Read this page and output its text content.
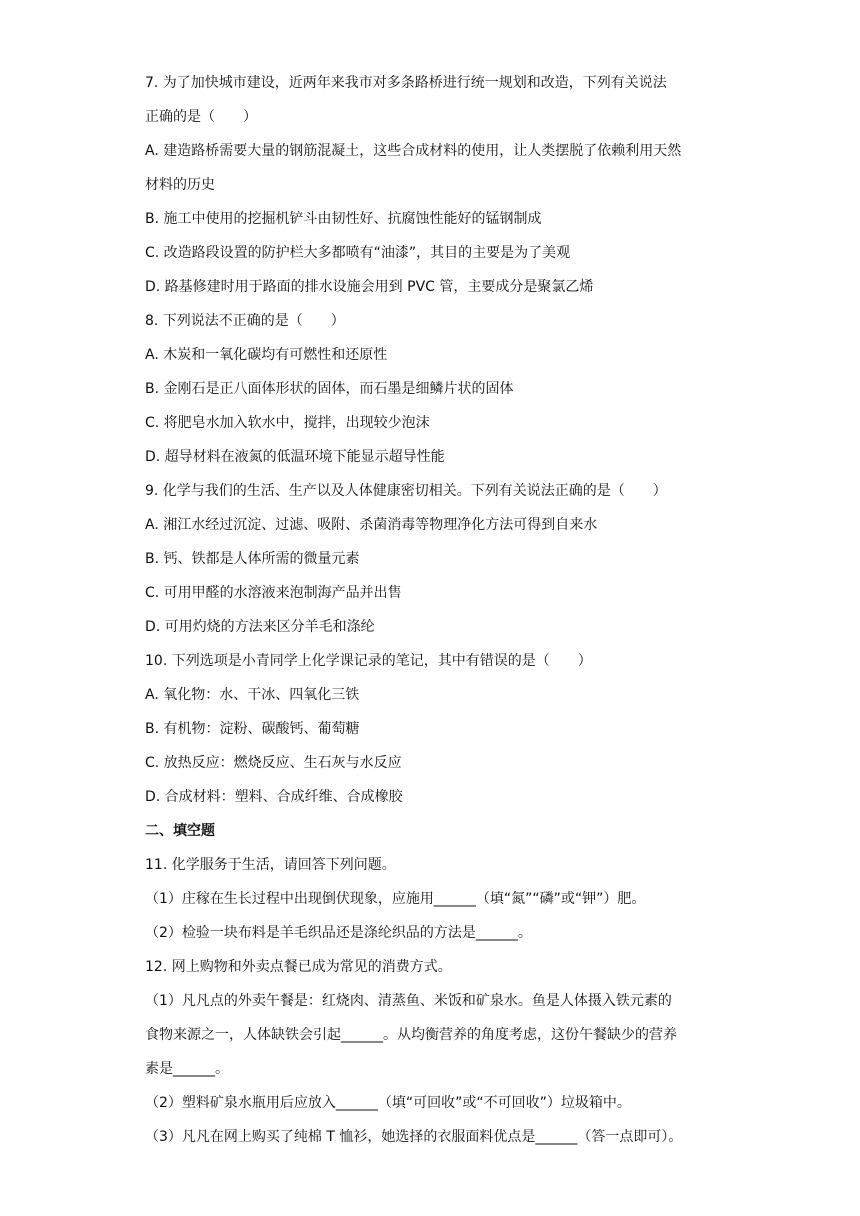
7. 为了加快城市建设，近两年来我市对多条路桥进行统一规划和改造，下列有关说法

正确的是（　　）

A. 建造路桥需要大量的钢筋混凝土，这些合成材料的使用，让人类摆脱了依赖利用天然

材料的历史

B. 施工中使用的挖掘机铲斗由韧性好、抗腐蚀性能好的锰钢制成

C. 改造路段设置的防护栏大多都喷有“油漆”，其目的主要是为了美观

D. 路基修建时用于路面的排水设施会用到 PVC 管，主要成分是聚氯乙烯

8. 下列说法不正确的是（　　）

A. 木炭和一氧化碳均有可燃性和还原性

B. 金刚石是正八面体形状的固体，而石墨是细鳞片状的固体

C. 将肥皂水加入软水中，搅拌，出现较少泡沫

D. 超导材料在液氮的低温环境下能显示超导性能

9. 化学与我们的生活、生产以及人体健康密切相关。下列有关说法正确的是（　　）

A. 湘江水经过沉淀、过滤、吸附、杀菌消毒等物理净化方法可得到自来水

B. 钙、铁都是人体所需的微量元素

C. 可用甲醛的水溶液来泡制海产品并出售

D. 可用灼烧的方法来区分羊毛和涤纶

10. 下列选项是小青同学上化学课记录的笔记，其中有错误的是（　　）

A. 氧化物：水、干冰、四氧化三铁

B. 有机物：淀粉、碳酸钙、葡萄糖

C. 放热反应：燃烧反应、生石灰与水反应

D. 合成材料：塑料、合成纤维、合成橡胶

二、填空题

11. 化学服务于生活，请回答下列问题。

（1）庄稼在生长过程中出现倒伏现象，应施用______（填“氮”“磷”或“钾”）肥。

（2）检验一块布料是羊毛织品还是涤纶织品的方法是______。

12. 网上购物和外卖点餐已成为常见的消费方式。

（1）凡凡点的外卖午餐是：红烧肉、清蒸鱼、米饭和矿泉水。鱼是人体摄入铁元素的

食物来源之一，人体缺铁会引起______。从均衡营养的角度考虑，这份午餐缺少的营养

素是______。

（2）塑料矿泉水瓶用后应放入______（填“可回收”或“不可回收”）垃圾箱中。

（3）凡凡在网上购买了纯棉 T 恤衫，她选择的衣服面料优点是______（答一点即可）。
